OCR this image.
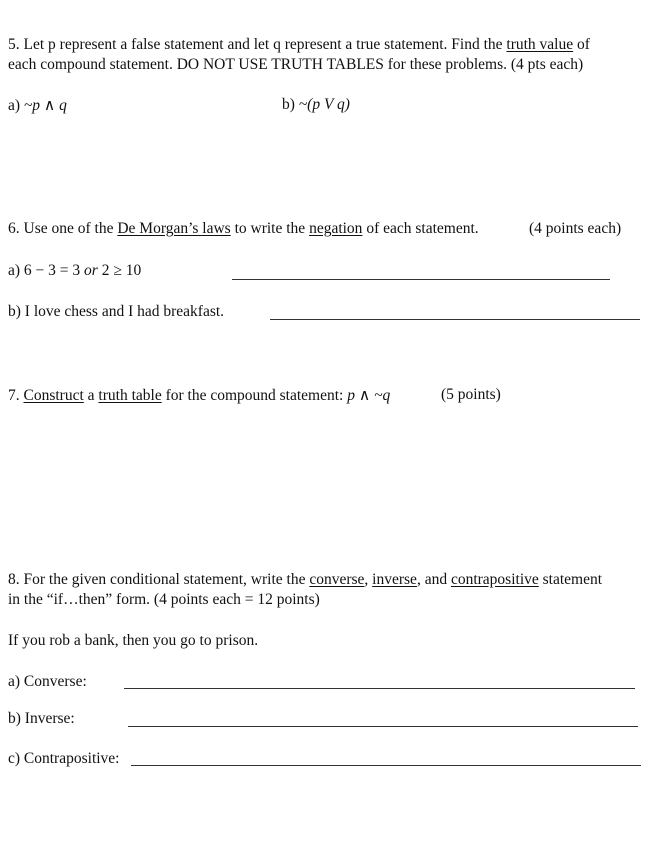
5. Let p represent a false statement and let q represent a true statement. Find the truth value of
each compound statement. DO NOT USE TRUTH TABLES for these problems. (4 pts each)
a) ~p ∧ q	b) ~(p V q)
6. Use one of the De Morgan’s laws to write the negation of each statement.	(4 points each)
a) 6 − 3 = 3 or 2 ≥ 10
b) I love chess and I had breakfast.
7. Construct a truth table for the compound statement: p ∧ ~q	(5 points)
8. For the given conditional statement, write the converse, inverse, and contrapositive statement
in the “if…then” form. (4 points each = 12 points)
If you rob a bank, then you go to prison.
a) Converse:
b) Inverse:
c) Contrapositive:
